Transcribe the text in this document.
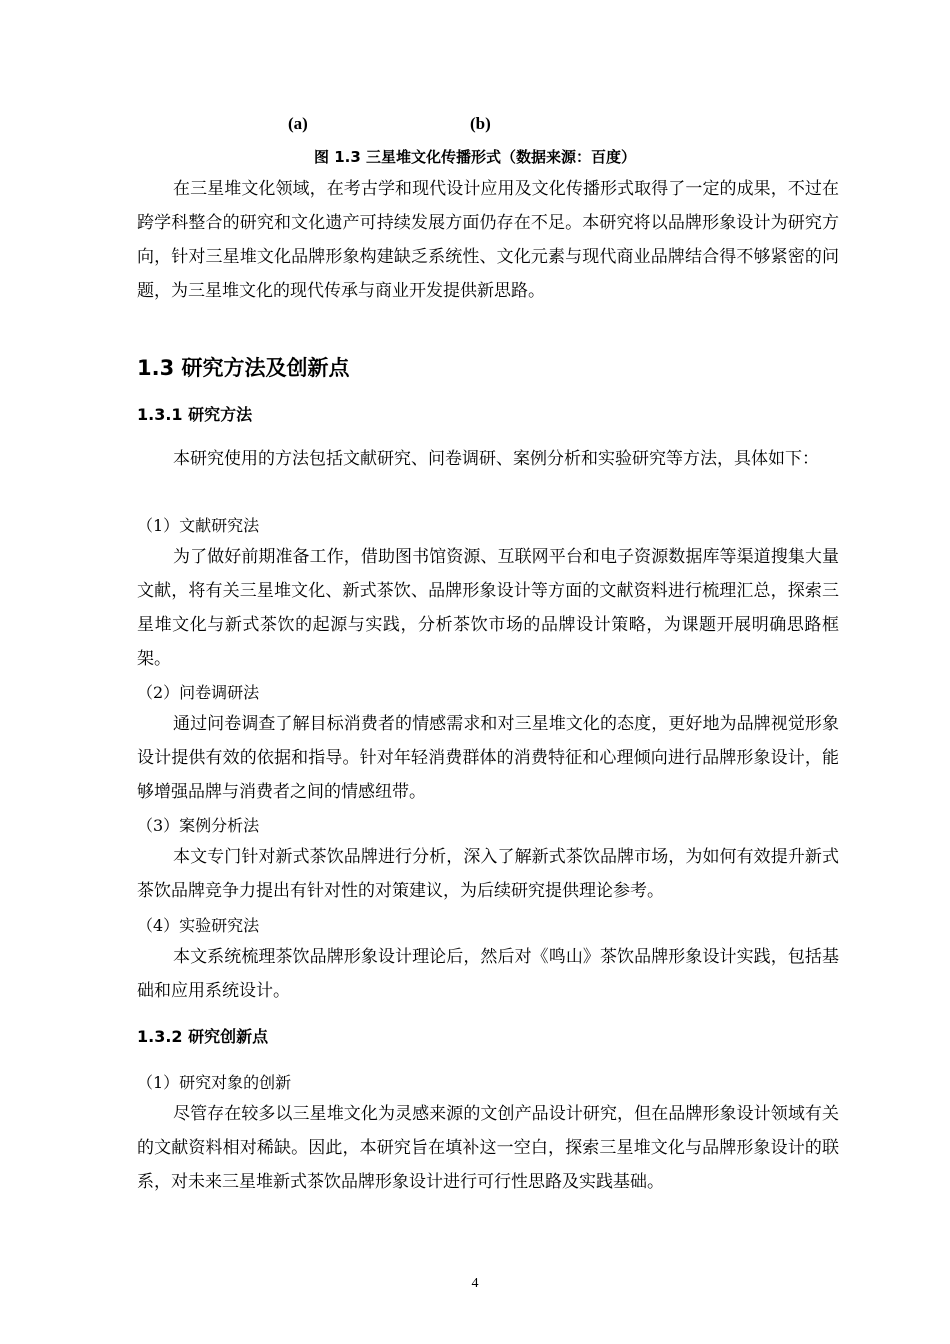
(a)	(b)
图 1.3 三星堆文化传播形式（数据来源：百度）

在三星堆文化领域，在考古学和现代设计应用及文化传播形式取得了一定的成果，不过在跨学科整合的研究和文化遗产可持续发展方面仍存在不足。本研究将以品牌形象设计为研究方向，针对三星堆文化品牌形象构建缺乏系统性、文化元素与现代商业品牌结合得不够紧密的问题，为三星堆文化的现代传承与商业开发提供新思路。

1.3 研究方法及创新点
1.3.1 研究方法

本研究使用的方法包括文献研究、问卷调研、案例分析和实验研究等方法，具体如下：

（1）文献研究法

为了做好前期准备工作，借助图书馆资源、互联网平台和电子资源数据库等渠道搜集大量文献，将有关三星堆文化、新式茶饮、品牌形象设计等方面的文献资料进行梳理汇总，探索三星堆文化与新式茶饮的起源与实践，分析茶饮市场的品牌设计策略，为课题开展明确思路框架。

（2）问卷调研法

通过问卷调查了解目标消费者的情感需求和对三星堆文化的态度，更好地为品牌视觉形象设计提供有效的依据和指导。针对年轻消费群体的消费特征和心理倾向进行品牌形象设计，能够增强品牌与消费者之间的情感纽带。

（3）案例分析法

本文专门针对新式茶饮品牌进行分析，深入了解新式茶饮品牌市场，为如何有效提升新式茶饮品牌竞争力提出有针对性的对策建议，为后续研究提供理论参考。

（4）实验研究法

本文系统梳理茶饮品牌形象设计理论后，然后对《鸣山》茶饮品牌形象设计实践，包括基础和应用系统设计。

1.3.2 研究创新点

（1）研究对象的创新

尽管存在较多以三星堆文化为灵感来源的文创产品设计研究，但在品牌形象设计领域有关的文献资料相对稀缺。因此，本研究旨在填补这一空白，探索三星堆文化与品牌形象设计的联系，对未来三星堆新式茶饮品牌形象设计进行可行性思路及实践基础。

4
